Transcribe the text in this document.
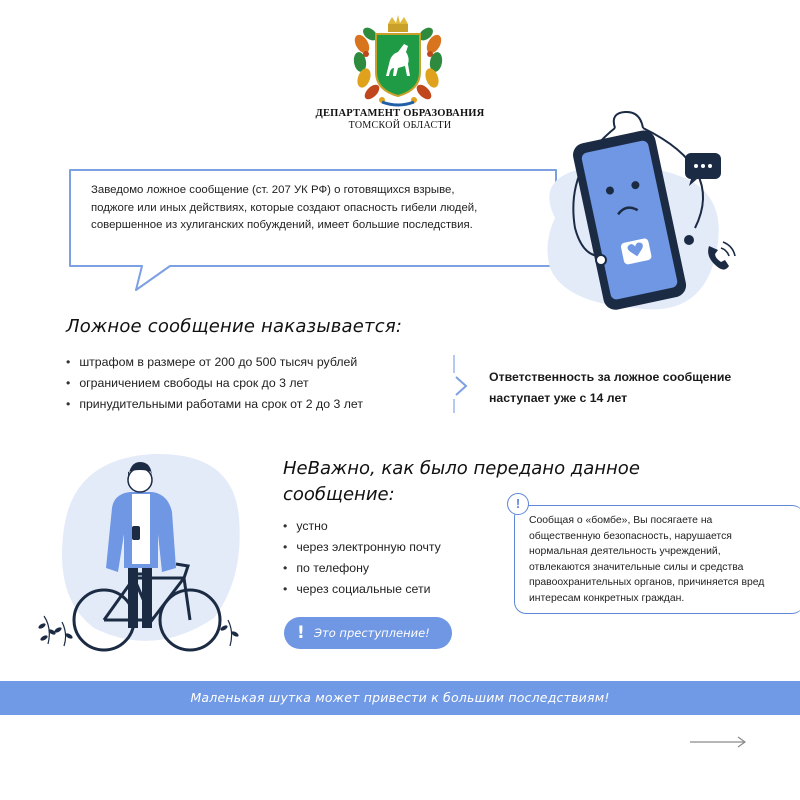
ДЕПАРТАМЕНТ ОБРАЗОВАНИЯ
ТОМСКОЙ ОБЛАСТИ
Заведомо ложное сообщение (ст. 207 УК РФ) о готовящихся взрыве, поджоге или иных действиях, которые создают опасность гибели людей, совершенное из хулиганских побуждений, имеет большие последствия.
Ложное сообщение наказывается:
• штрафом в размере от 200 до 500 тысяч рублей
• ограничением свободы на срок до 3 лет
• принудительными работами на срок от 2 до 3 лет
Ответственность за ложное сообщение наступает уже с 14 лет
НеВажно, как было передано данное сообщение:
• устно
• через электронную почту
• по телефону
• через социальные сети
!
Сообщая о «бомбе», Вы посягаете на общественную безопасность, нарушается нормальная деятельность учреждений, отвлекаются значительные силы и средства правоохранительных органов, причиняется вред интересам конкретных граждан.
! Это преступление!
Маленькая шутка может привести к большим последствиям!
